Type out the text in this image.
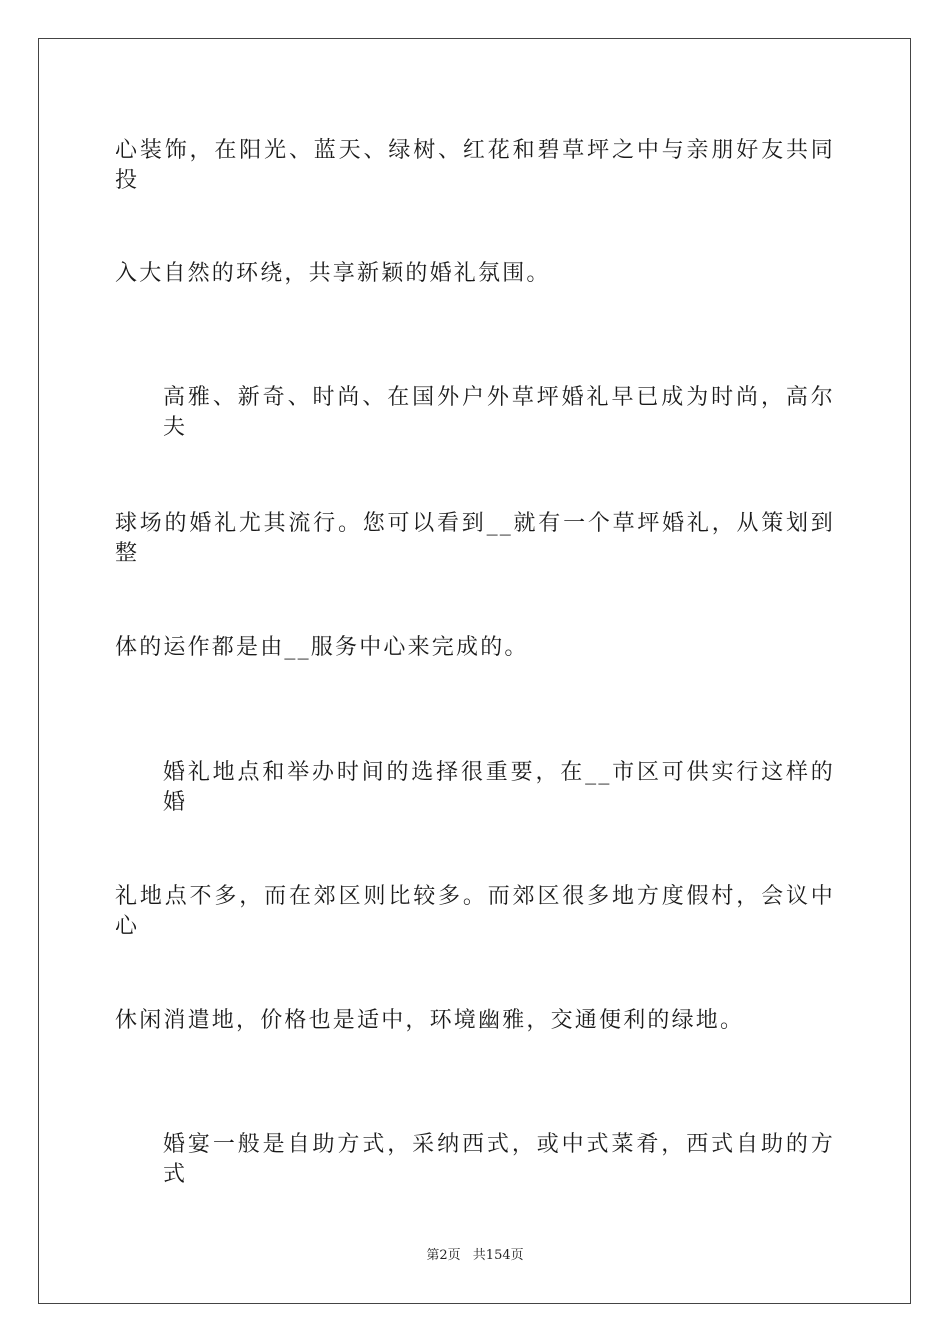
心装饰，在阳光、蓝天、绿树、红花和碧草坪之中与亲朋好友共同投
入大自然的环绕，共享新颖的婚礼氛围。
高雅、新奇、时尚、在国外户外草坪婚礼早已成为时尚，高尔夫
球场的婚礼尤其流行。您可以看到__就有一个草坪婚礼，从策划到整
体的运作都是由__服务中心来完成的。
婚礼地点和举办时间的选择很重要，在__市区可供实行这样的婚
礼地点不多，而在郊区则比较多。而郊区很多地方度假村，会议中心
休闲消遣地，价格也是适中，环境幽雅，交通便利的绿地。
婚宴一般是自助方式，采纳西式，或中式菜肴，西式自助的方式
第2页 共154页
